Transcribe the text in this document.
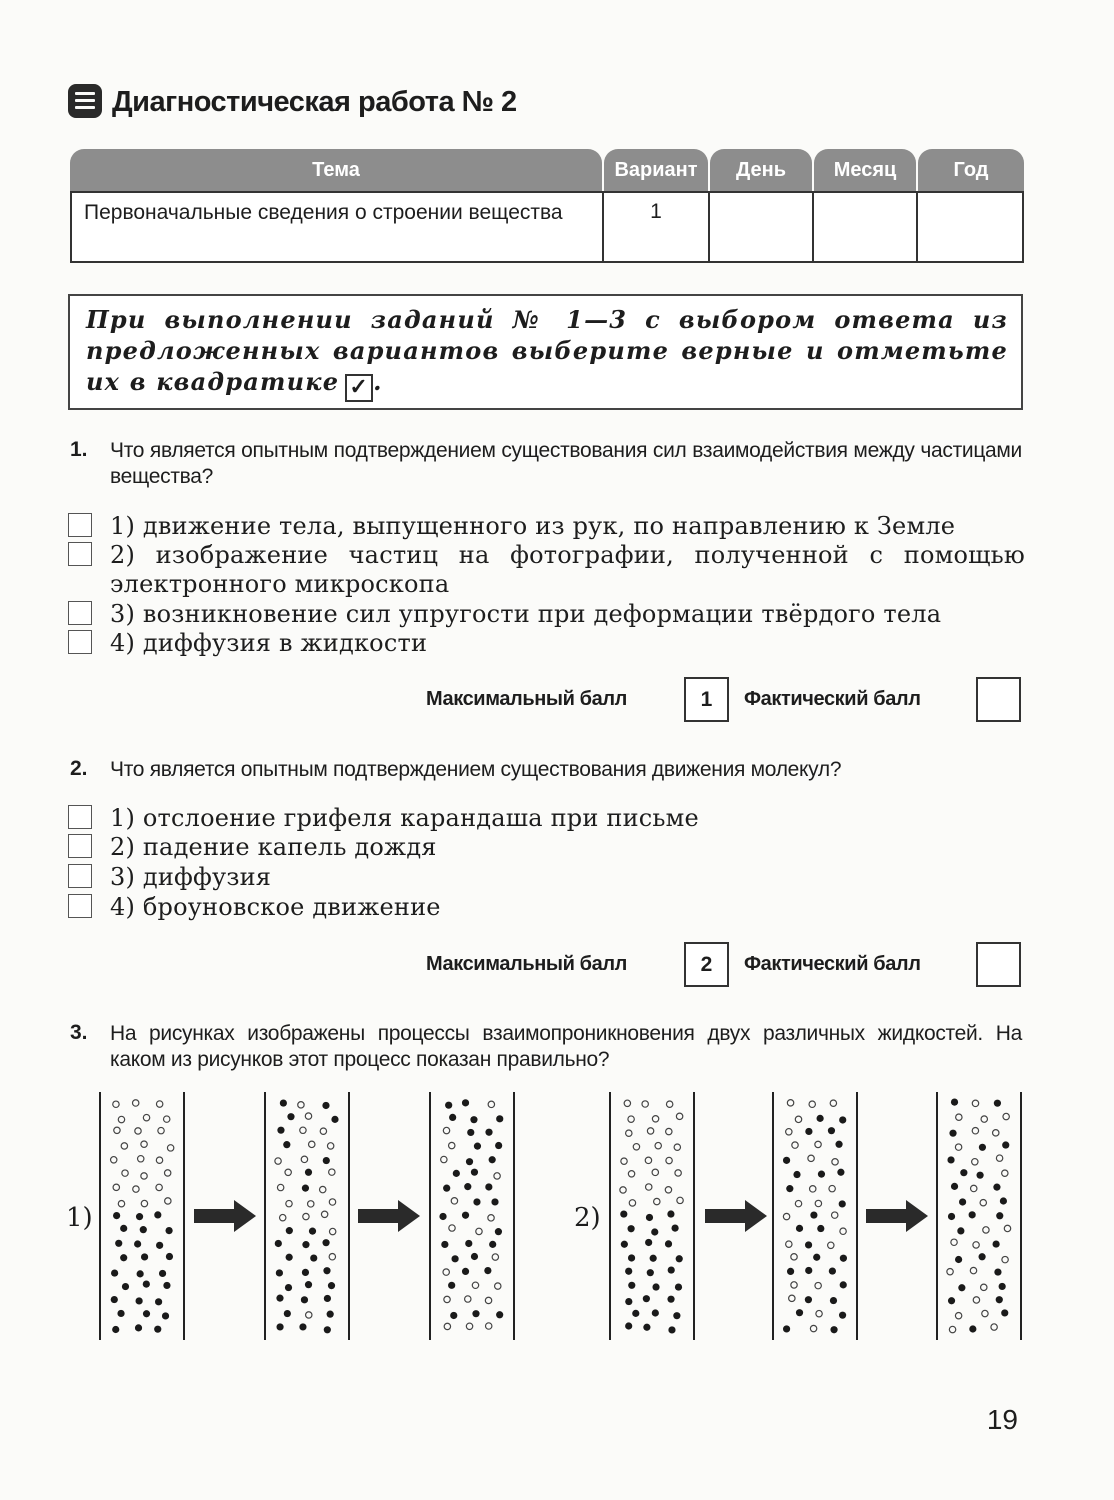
Диагностическая работа № 2
Тема	Вариант	День	Месяц	Год
Первоначальные сведения о строении вещества	1
При выполнении заданий № 1—3 с выбором ответа из предложенных вариантов выберите верные и отметьте их в квадратике ✓ .
1. Что является опытным подтверждением существования сил взаимодействия между частицами вещества?
1) движение тела, выпущенного из рук, по направлению к Земле
2) изображение частиц на фотографии, полученной с помощью электронного микроскопа
3) возникновение сил упругости при деформации твёрдого тела
4) диффузия в жидкости
Максимальный балл	1	Фактический балл
2. Что является опытным подтверждением существования движения молекул?
1) отслоение грифеля карандаша при письме
2) падение капель дождя
3) диффузия
4) броуновское движение
Максимальный балл	2	Фактический балл
3. На рисунках изображены процессы взаимопроникновения двух различных жидкостей. На каком из рисунков этот процесс показан правильно?
1)	2)
19
